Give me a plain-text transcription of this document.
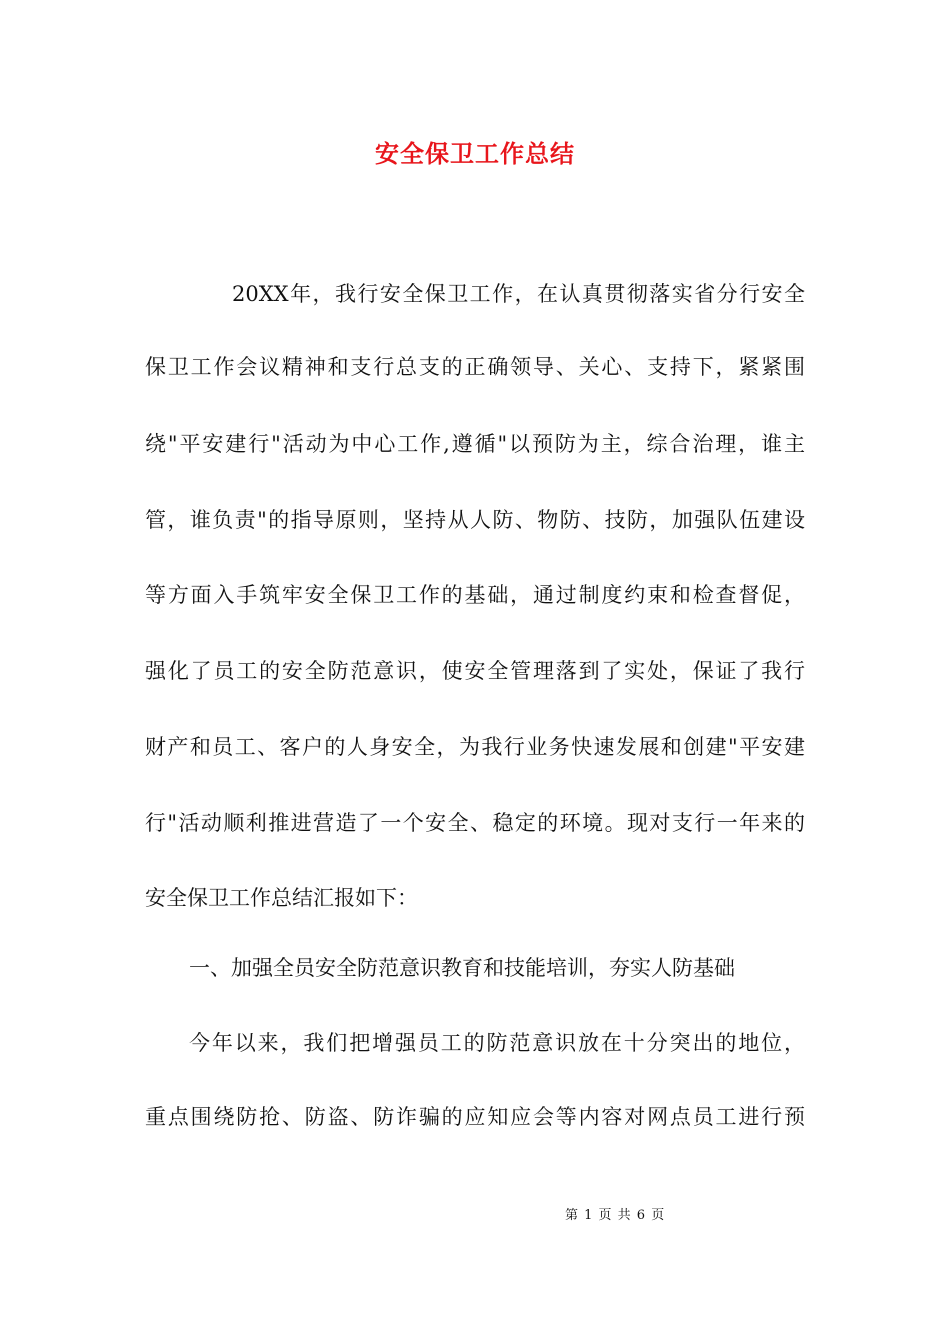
安全保卫工作总结
20XX年，我行安全保卫工作，在认真贯彻落实省分行安全
保卫工作会议精神和支行总支的正确领导、关心、支持下，紧紧围
绕"平安建行"活动为中心工作,遵循"以预防为主，综合治理，谁主
管，谁负责"的指导原则，坚持从人防、物防、技防，加强队伍建设
等方面入手筑牢安全保卫工作的基础，通过制度约束和检查督促，
强化了员工的安全防范意识，使安全管理落到了实处，保证了我行
财产和员工、客户的人身安全，为我行业务快速发展和创建"平安建
行"活动顺利推进营造了一个安全、稳定的环境。现对支行一年来的
安全保卫工作总结汇报如下：
一、加强全员安全防范意识教育和技能培训，夯实人防基础
今年以来，我们把增强员工的防范意识放在十分突出的地位，
重点围绕防抢、防盗、防诈骗的应知应会等内容对网点员工进行预
第 1 页 共 6 页
